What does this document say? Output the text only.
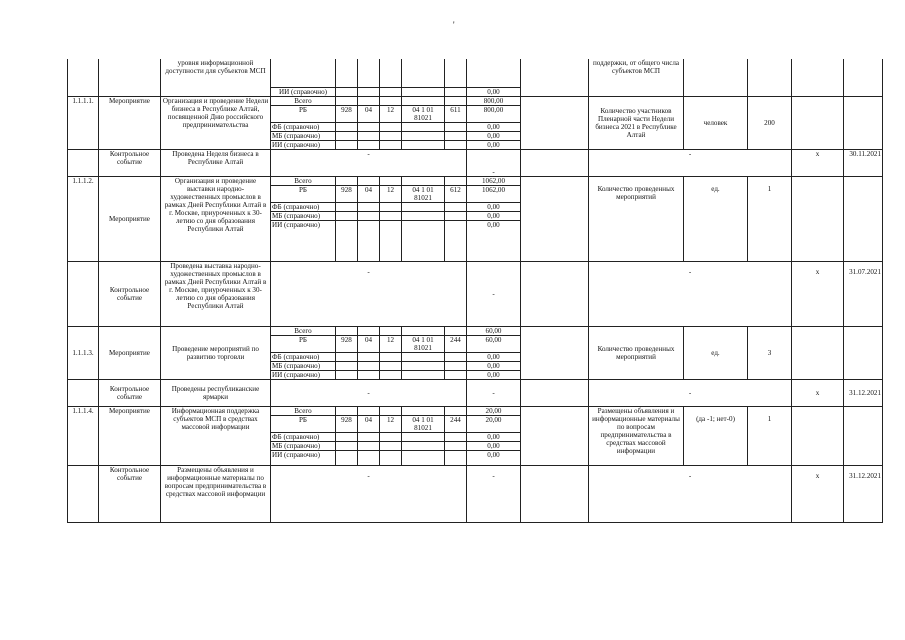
'
		уровня информационной доступности для субъектов МСП									поддержки, от общего числа субъектов МСП				
			ИИ (справочно)						0,00						
1.1.1.1.	Мероприятие	Организация и проведение Недели бизнеса в Республике Алтай, посвященной Дню российского предпринимательства	Всего						800,00		Количество участников Пленарной части Недели бизнеса 2021 в Республике Алтай	человек	200		
			РБ	928	04	12	04 1 01 81021	611	800,00						

			ФБ (справочно)						0,00						
			МБ (справочно)						0,00						
			ИИ (справочно)						0,00						
	Контрольное событие	Проведена Неделя бизнеса в Республике Алтай	-						-		-			х	30.11.2021
1.1.1.2.	Мероприятие	Организация и проведение выставки народно-художественных промыслов в рамках Дней Республики Алтай в г. Москве, приуроченных к 30- летию со дня образования Республики Алтай	Всего						1062,00		Количество проведенных мероприятий	ед.	1		
			РБ	928	04	12	04 1 01 81021	612	1062,00						

			ФБ (справочно)						0,00						
			МБ (справочно)						0,00						
			ИИ (справочно)						0,00						
	Контрольное событие	Проведена выставка народно-художественных промыслов в рамках Дней Республики Алтай в г. Москве, приуроченных к 30-летию со дня образования Республики Алтай	-						-		-			х	31.07.2021
1.1.1.3.	Мероприятие	Проведение мероприятий по развитию торговли	Всего						60,00		Количество проведенных мероприятий	ед.	3		
			РБ	928	04	12	04 1 01 81021	244	60,00						

			ФБ (справочно)						0,00						
			МБ (справочно)						0,00						
			ИИ (справочно)						0,00						
	Контрольное событие	Проведены республиканские ярмарки	-						-		-			х	31.12.2021
1.1.1.4.	Мероприятие	Информационная поддержка субъектов МСП в средствах массовой информации	Всего						20,00		Размещены объявления и информационные материалы по вопросам предпринимательства в средствах массовой информации	(да -1; нет-0)	1		
			РБ	928	04	12	04 1 01 81021	244	20,00						

			ФБ (справочно)						0,00						
			МБ (справочно)						0,00						
			ИИ (справочно)						0,00						
	Контрольное событие	Размещены объявления и информационные материалы по вопросам предпринимательства в средствах массовой информации	-						-		-			х	31.12.2021
